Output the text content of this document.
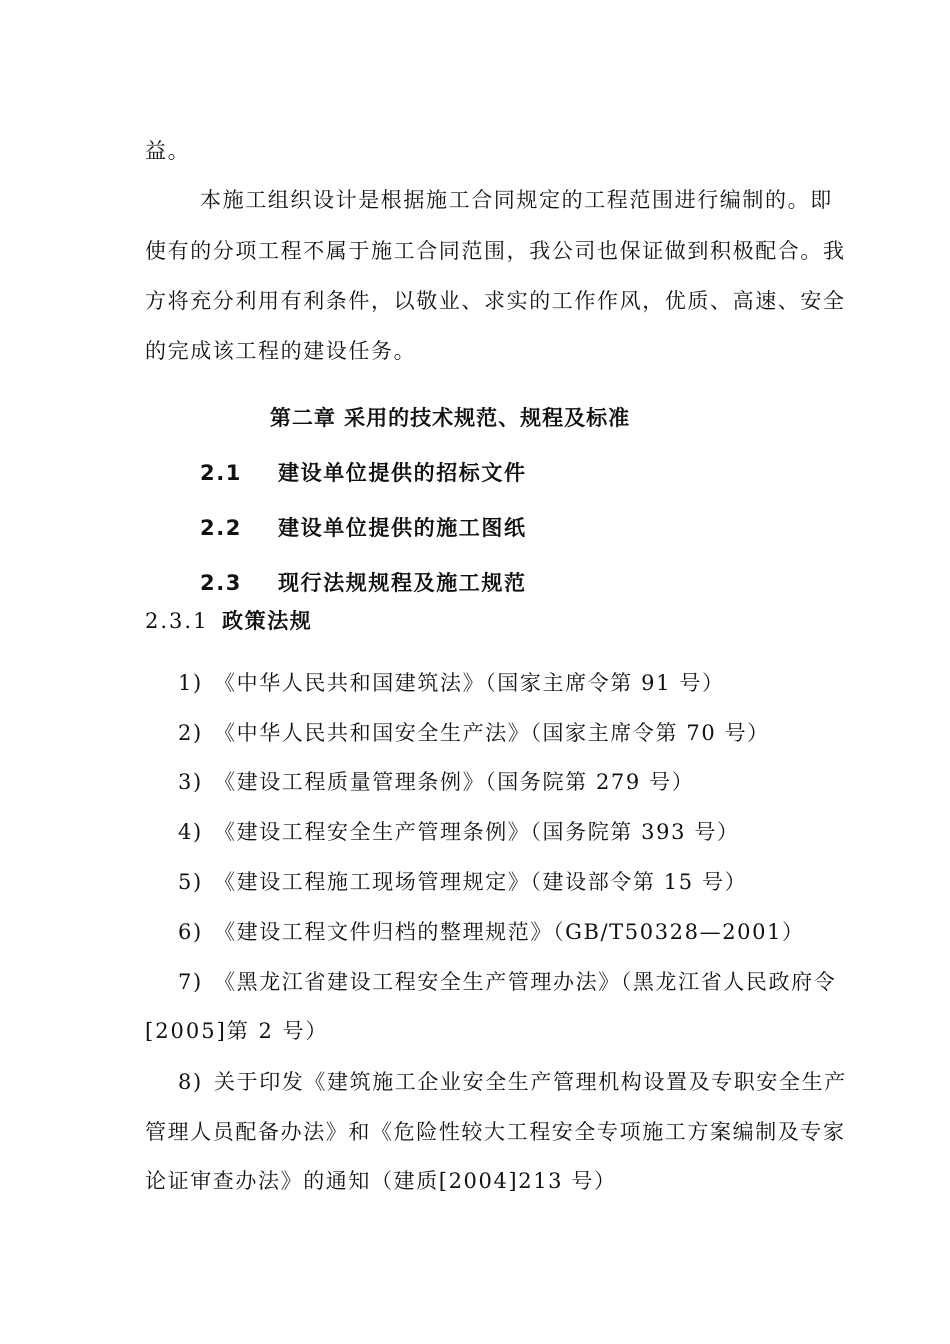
益。
本施工组织设计是根据施工合同规定的工程范围进行编制的。即
使有的分项工程不属于施工合同范围，我公司也保证做到积极配合。我
方将充分利用有利条件，以敬业、求实的工作作风，优质、高速、安全
的完成该工程的建设任务。
第二章 采用的技术规范、规程及标准
2.1 建设单位提供的招标文件
2.2 建设单位提供的施工图纸
2.3 现行法规规程及施工规范
2.3.1 政策法规
1) 《中华人民共和国建筑法》（国家主席令第 91 号）
2) 《中华人民共和国安全生产法》（国家主席令第 70 号）
3) 《建设工程质量管理条例》（国务院第 279 号）
4) 《建设工程安全生产管理条例》（国务院第 393 号）
5) 《建设工程施工现场管理规定》（建设部令第 15 号）
6) 《建设工程文件归档的整理规范》（GB/T50328—2001）
7) 《黑龙江省建设工程安全生产管理办法》（黑龙江省人民政府令
[2005]第 2 号）
8) 关于印发《建筑施工企业安全生产管理机构设置及专职安全生产
管理人员配备办法》和《危险性较大工程安全专项施工方案编制及专家
论证审查办法》的通知（建质[2004]213 号）
